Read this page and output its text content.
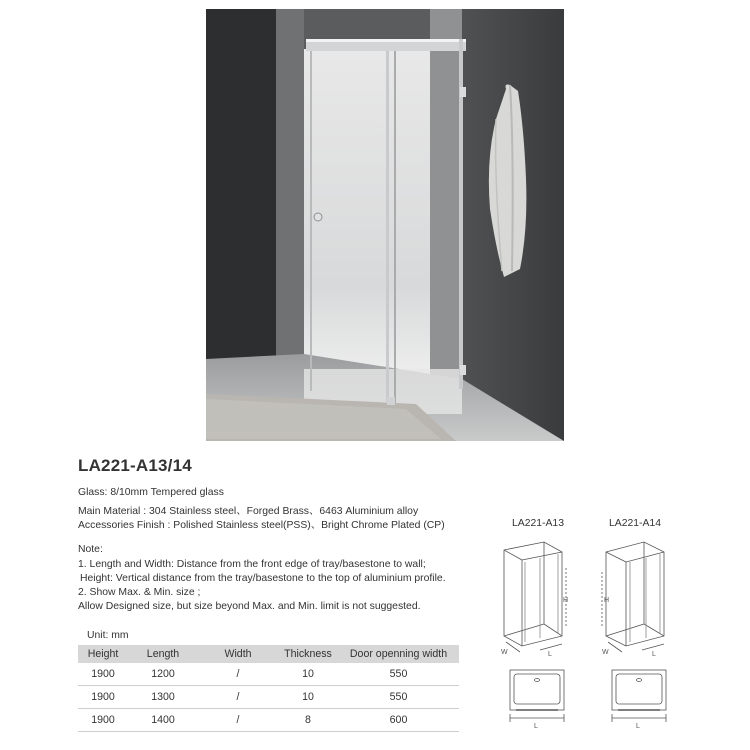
LA221-A13/14
Glass: 8/10mm Tempered glass
Main Material : 304 Stainless steel、Forged Brass、6463 Aluminium alloy
Accessories Finish : Polished Stainless steel(PSS)、Bright Chrome Plated (CP)
Note:
1. Length and Width: Distance from the front edge of tray/basestone to wall;
Height: Vertical distance from the tray/basestone to the top of aluminium profile.
2. Show Max. & Min. size ;
Allow Designed size, but size beyond Max. and Min. limit is not suggested.
Unit: mm
Height	Length	Width	Thickness	Door openning width
1900	1200	/	10	550
1900	1300	/	10	550
1900	1400	/	8	600
LA221-A13	LA221-A14
W	L
H
W	L
H
L	L
